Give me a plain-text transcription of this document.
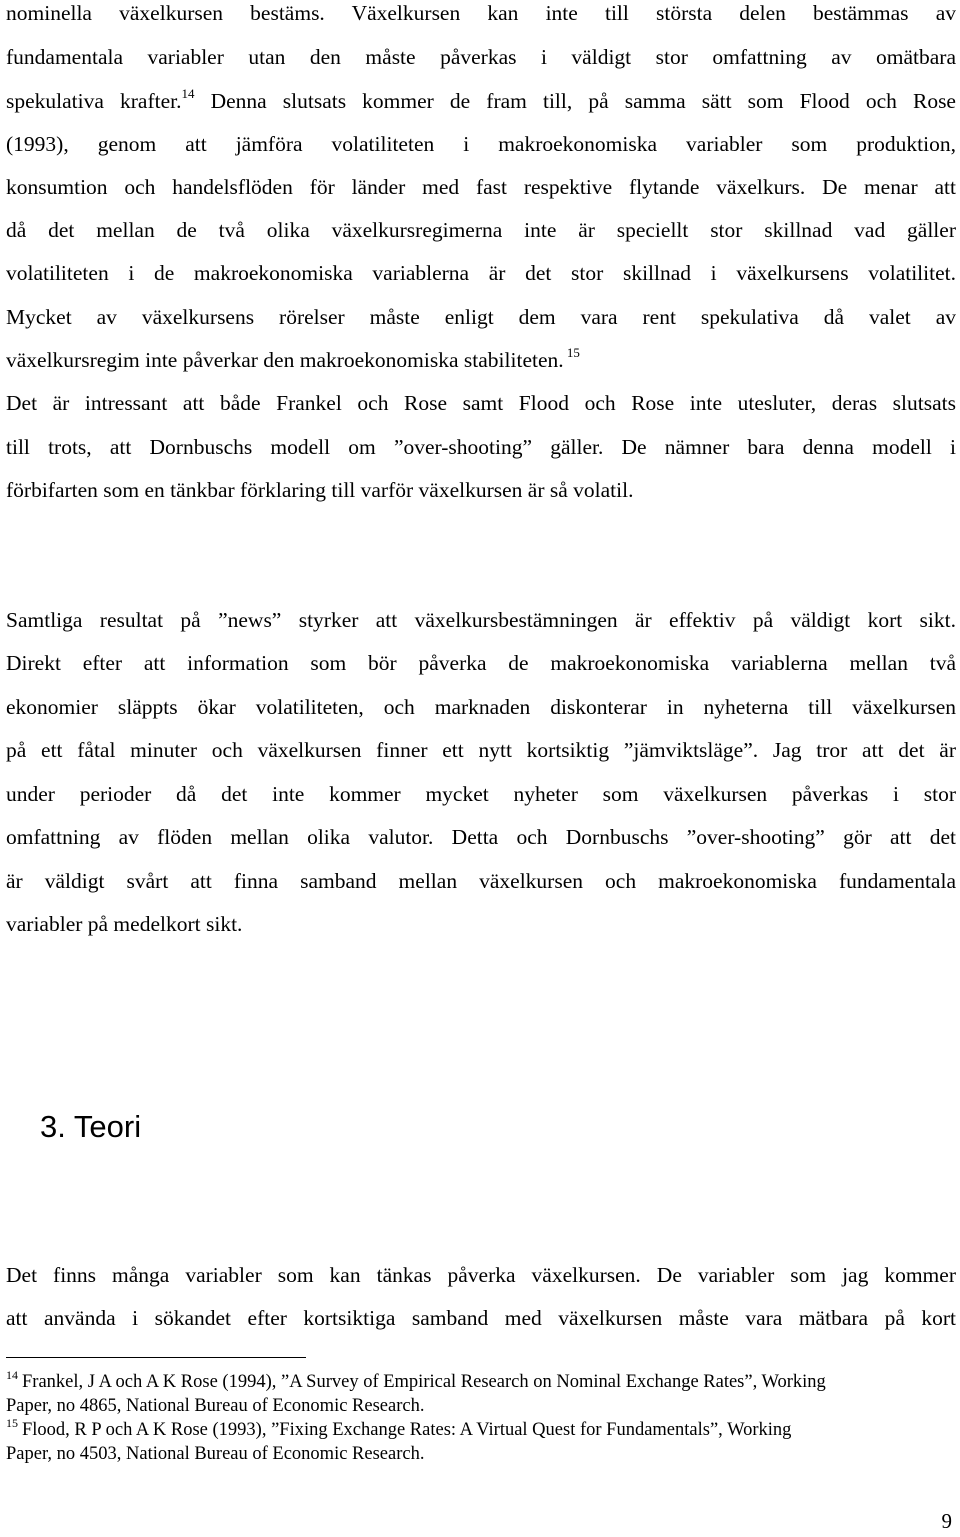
nominella växelkursen bestäms. Växelkursen kan inte till största delen bestämmas av
fundamentala variabler utan den måste påverkas i väldigt stor omfattning av omätbara
spekulativa krafter.$^{14}$ Denna slutsats kommer de fram till, på samma sätt som Flood och Rose
(1993), genom att jämföra volatiliteten i makroekonomiska variabler som produktion,
konsumtion och handelsflöden för länder med fast respektive flytande växelkurs. De menar att
då det mellan de två olika växelkursregimerna inte är speciellt stor skillnad vad gäller
volatiliteten i de makroekonomiska variablerna är det stor skillnad i växelkursens volatilitet.
Mycket av växelkursens rörelser måste enligt dem vara rent spekulativa då valet av
växelkursregim inte påverkar den makroekonomiska stabiliteten. $^{15}$
Det är intressant att både Frankel och Rose samt Flood och Rose inte utesluter, deras slutsats
till trots, att Dornbuschs modell om ”over-shooting” gäller. De nämner bara denna modell i
förbifarten som en tänkbar förklaring till varför växelkursen är så volatil.
Samtliga resultat på ”news” styrker att växelkursbestämningen är effektiv på väldigt kort sikt.
Direkt efter att information som bör påverka de makroekonomiska variablerna mellan två
ekonomier släppts ökar volatiliteten, och marknaden diskonterar in nyheterna till växelkursen
på ett fåtal minuter och växelkursen finner ett nytt kortsiktig ”jämviktsläge”. Jag tror att det är
under perioder då det inte kommer mycket nyheter som växelkursen påverkas i stor
omfattning av flöden mellan olika valutor. Detta och Dornbuschs ”over-shooting” gör att det
är väldigt svårt att finna samband mellan växelkursen och makroekonomiska fundamentala
variabler på medelkort sikt.
3. Teori
Det finns många variabler som kan tänkas påverka växelkursen. De variabler som jag kommer
att använda i sökandet efter kortsiktiga samband med växelkursen måste vara mätbara på kort
$^{14}$ Frankel, J A och A K Rose (1994), ”A Survey of Empirical Research on Nominal Exchange Rates”, Working
Paper, no 4865, National Bureau of Economic Research.
$^{15}$ Flood, R P och A K Rose (1993), ”Fixing Exchange Rates: A Virtual Quest for Fundamentals”, Working
Paper, no 4503, National Bureau of Economic Research.
9
